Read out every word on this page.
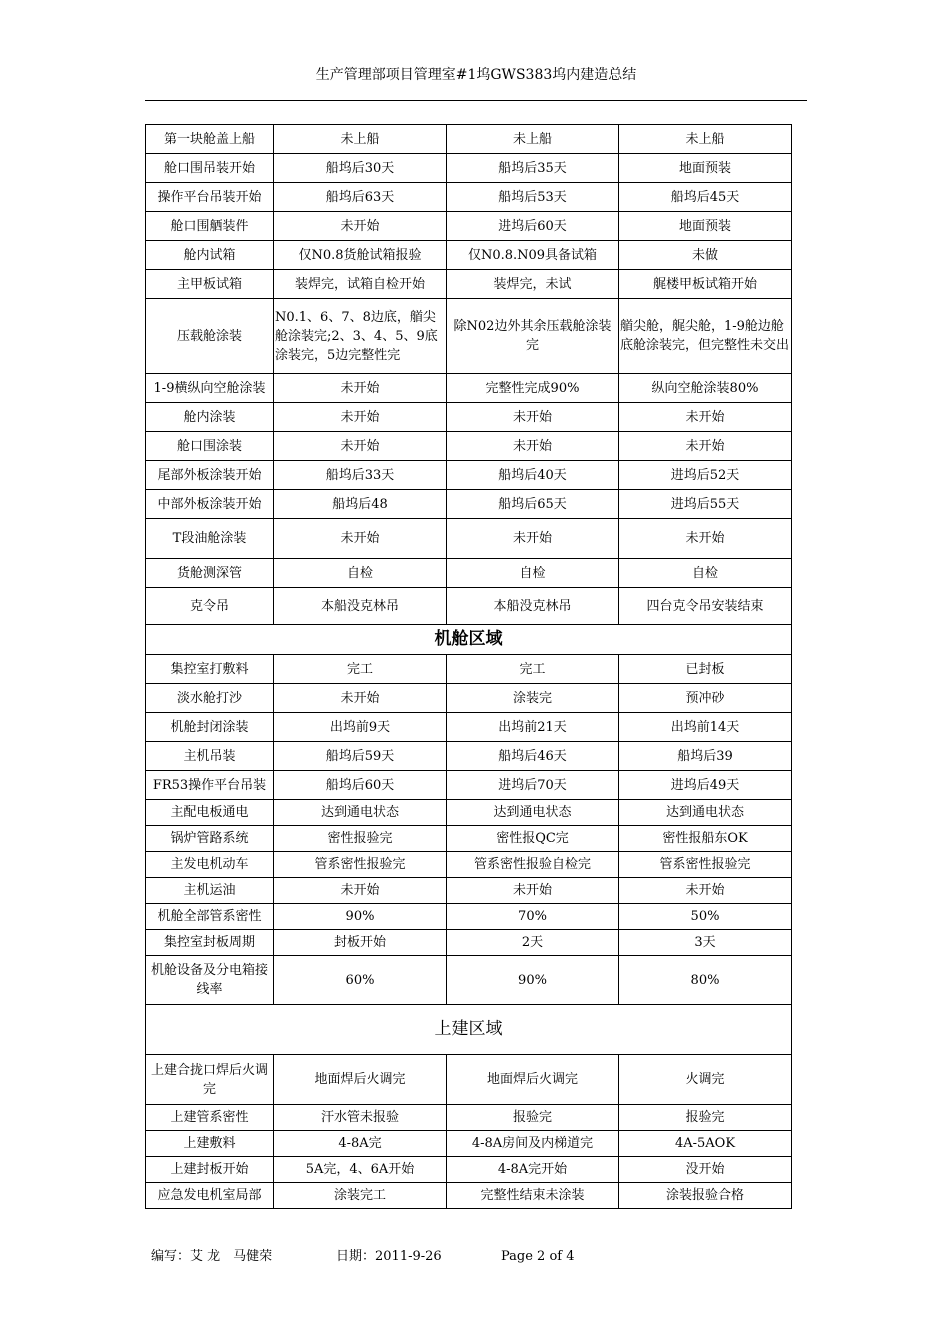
生产管理部项目管理室#1坞GWS383坞内建造总结
第一块舱盖上船	未上船	未上船	未上船
舱口围吊装开始	船坞后30天	船坞后35天	地面预装
操作平台吊装开始	船坞后63天	船坞后53天	船坞后45天
舱口围舾装件	未开始	进坞后60天	地面预装
舱内试箱	仅N0.8货舱试箱报验	仅N0.8.N09具备试箱	未做
主甲板试箱	装焊完，试箱自检开始	装焊完，未试	艉楼甲板试箱开始
压载舱涂装	N0.1、6、7、8边底，艏尖舱涂装完;2、3、4、5、9底涂装完，5边完整性完	除N02边外其余压载舱涂装完	艏尖舱，艉尖舱，1-9舱边舱底舱涂装完，但完整性未交出
1-9横纵向空舱涂装	未开始	完整性完成90%	纵向空舱涂装80%
舱内涂装	未开始	未开始	未开始
舱口围涂装	未开始	未开始	未开始
尾部外板涂装开始	船坞后33天	船坞后40天	进坞后52天
中部外板涂装开始	船坞后48	船坞后65天	进坞后55天
T段油舱涂装	未开始	未开始	未开始
货舱测深管	自检	自检	自检
克令吊	本船没克林吊	本船没克林吊	四台克令吊安装结束
机舱区域			
集控室打敷料	完工	完工	已封板
淡水舱打沙	未开始	涂装完	预冲砂
机舱封闭涂装	出坞前9天	出坞前21天	出坞前14天
主机吊装	船坞后59天	船坞后46天	船坞后39
FR53操作平台吊装	船坞后60天	进坞后70天	进坞后49天
主配电板通电	达到通电状态	达到通电状态	达到通电状态
锅炉管路系统	密性报验完	密性报QC完	密性报船东OK
主发电机动车	管系密性报验完	管系密性报验自检完	管系密性报验完
主机运油	未开始	未开始	未开始
机舱全部管系密性	90%	70%	50%
集控室封板周期	封板开始	2天	3天
机舱设备及分电箱接线率	60%	90%	80%
上建区域			
上建合拢口焊后火调完	地面焊后火调完	地面焊后火调完	火调完
上建管系密性	汗水管未报验	报验完	报验完
上建敷料	4-8A完	4-8A房间及内梯道完	4A-5AOK
上建封板开始	5A完，4、6A开始	4-8A完开始	没开始
应急发电机室局部	涂装完工	完整性结束未涂装	涂装报验合格

编写：艾 龙　马健荣

	日期：2011-9-26

	Page 2 of 4
